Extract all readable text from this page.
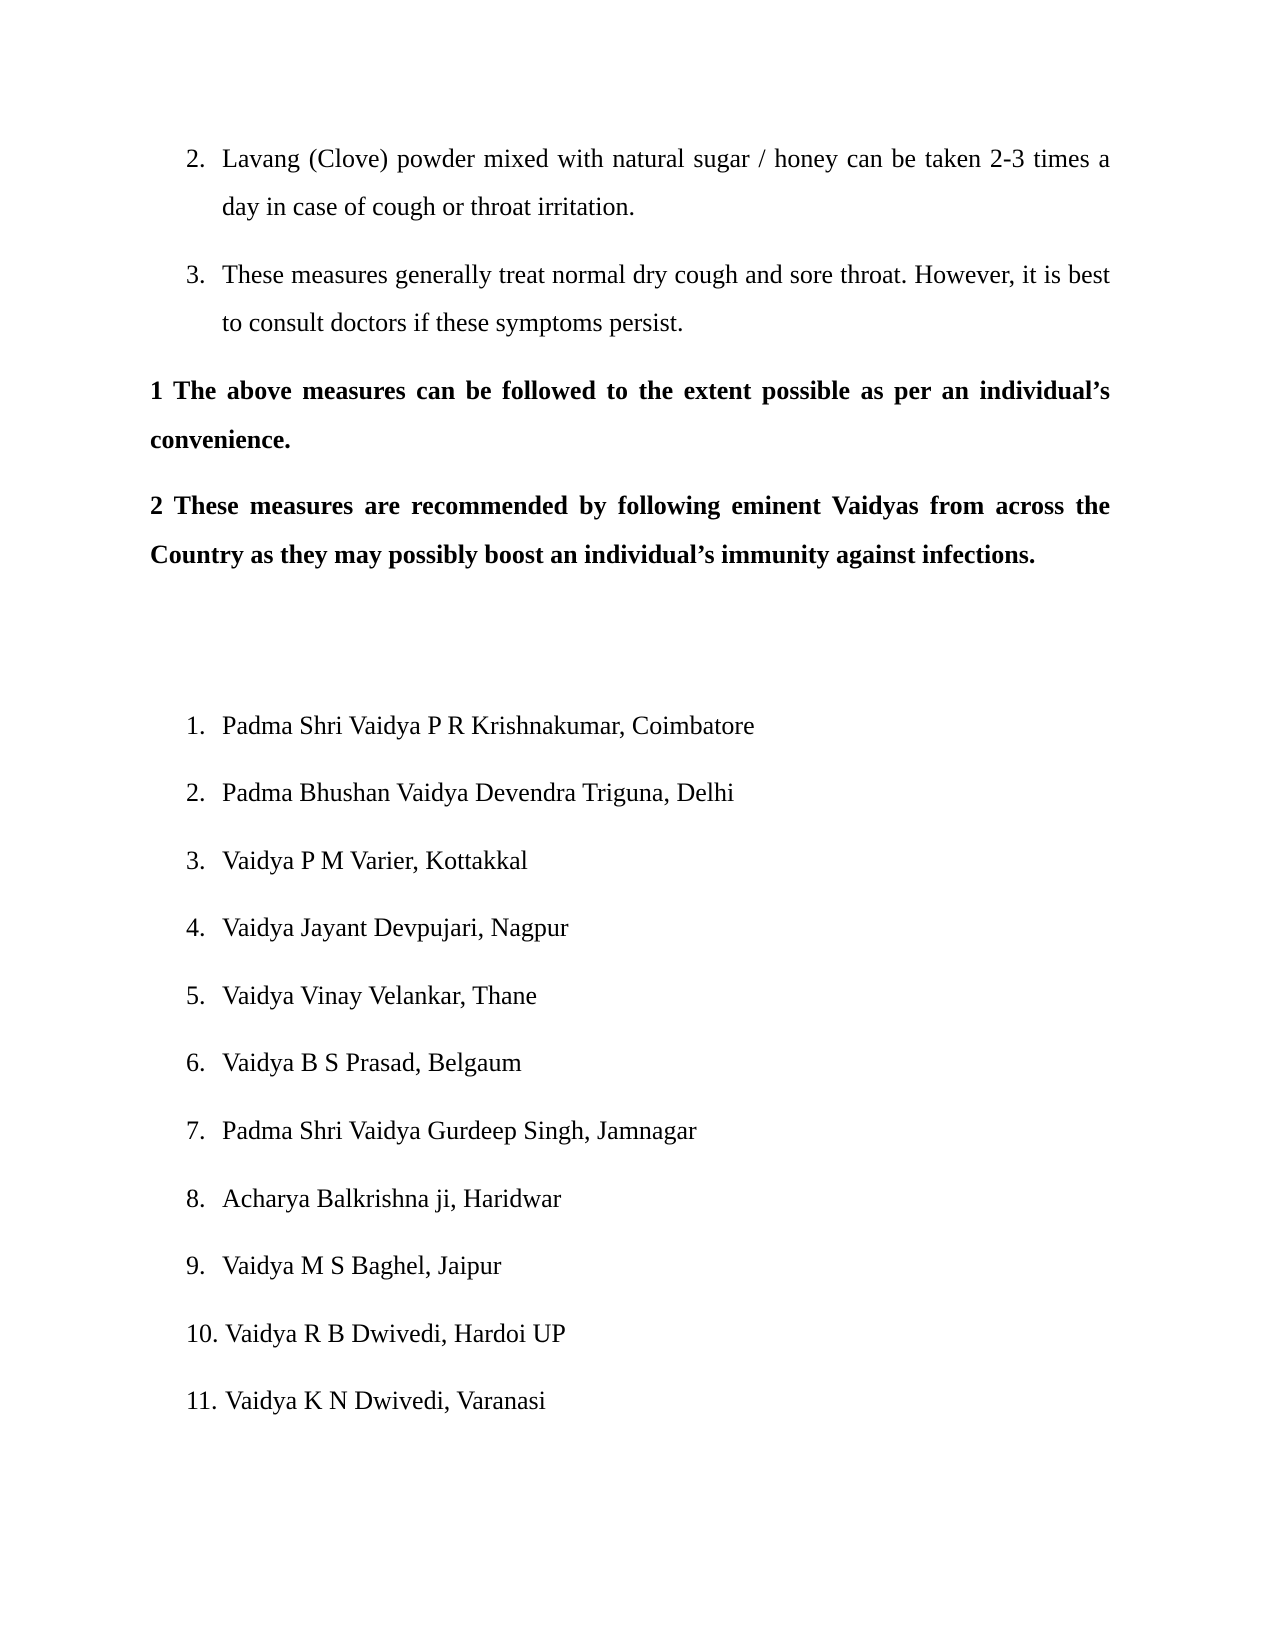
2. Lavang (Clove) powder mixed with natural sugar / honey can be taken 2-3 times a day in case of cough or throat irritation.
3. These measures generally treat normal dry cough and sore throat. However, it is best to consult doctors if these symptoms persist.
1 The above measures can be followed to the extent possible as per an individual’s convenience.
2 These measures are recommended by following eminent Vaidyas from across the Country as they may possibly boost an individual’s immunity against infections.
1. Padma Shri Vaidya P R Krishnakumar, Coimbatore
2. Padma Bhushan Vaidya Devendra Triguna, Delhi
3. Vaidya P M Varier, Kottakkal
4. Vaidya Jayant Devpujari, Nagpur
5. Vaidya Vinay Velankar, Thane
6. Vaidya B S Prasad, Belgaum
7. Padma Shri Vaidya Gurdeep Singh, Jamnagar
8. Acharya Balkrishna ji, Haridwar
9. Vaidya M S Baghel, Jaipur
10. Vaidya R B Dwivedi, Hardoi UP
11. Vaidya K N Dwivedi, Varanasi
